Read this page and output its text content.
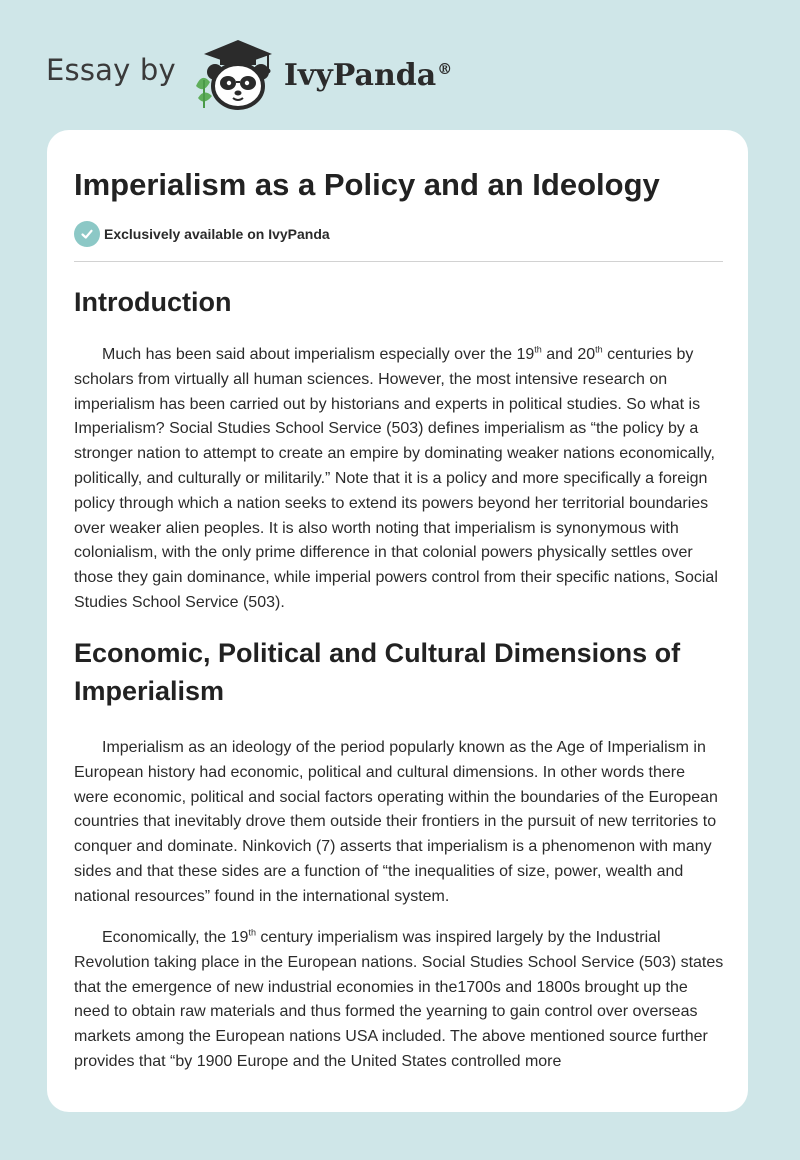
Essay by	IvyPanda®
Imperialism as a Policy and an Ideology
Exclusively available on IvyPanda
Introduction

Much has been said about imperialism especially over the 19th and 20th centuries by scholars from virtually all human sciences. However, the most intensive research on imperialism has been carried out by historians and experts in political studies. So what is Imperialism? Social Studies School Service (503) defines imperialism as “the policy by a stronger nation to attempt to create an empire by dominating weaker nations economically, politically, and culturally or militarily.” Note that it is a policy and more specifically a foreign policy through which a nation seeks to extend its powers beyond her territorial boundaries over weaker alien peoples. It is also worth noting that imperialism is synonymous with colonialism, with the only prime difference in that colonial powers physically settles over those they gain dominance, while imperial powers control from their specific nations, Social Studies School Service (503).

Economic, Political and Cultural Dimensions of Imperialism

Imperialism as an ideology of the period popularly known as the Age of Imperialism in European history had economic, political and cultural dimensions. In other words there were economic, political and social factors operating within the boundaries of the European countries that inevitably drove them outside their frontiers in the pursuit of new territories to conquer and dominate. Ninkovich (7) asserts that imperialism is a phenomenon with many sides and that these sides are a function of “the inequalities of size, power, wealth and national resources” found in the international system.

Economically, the 19th century imperialism was inspired largely by the Industrial Revolution taking place in the European nations. Social Studies School Service (503) states that the emergence of new industrial economies in the1700s and 1800s brought up the need to obtain raw materials and thus formed the yearning to gain control over overseas markets among the European nations USA included. The above mentioned source further provides that “by 1900 Europe and the United States controlled more
